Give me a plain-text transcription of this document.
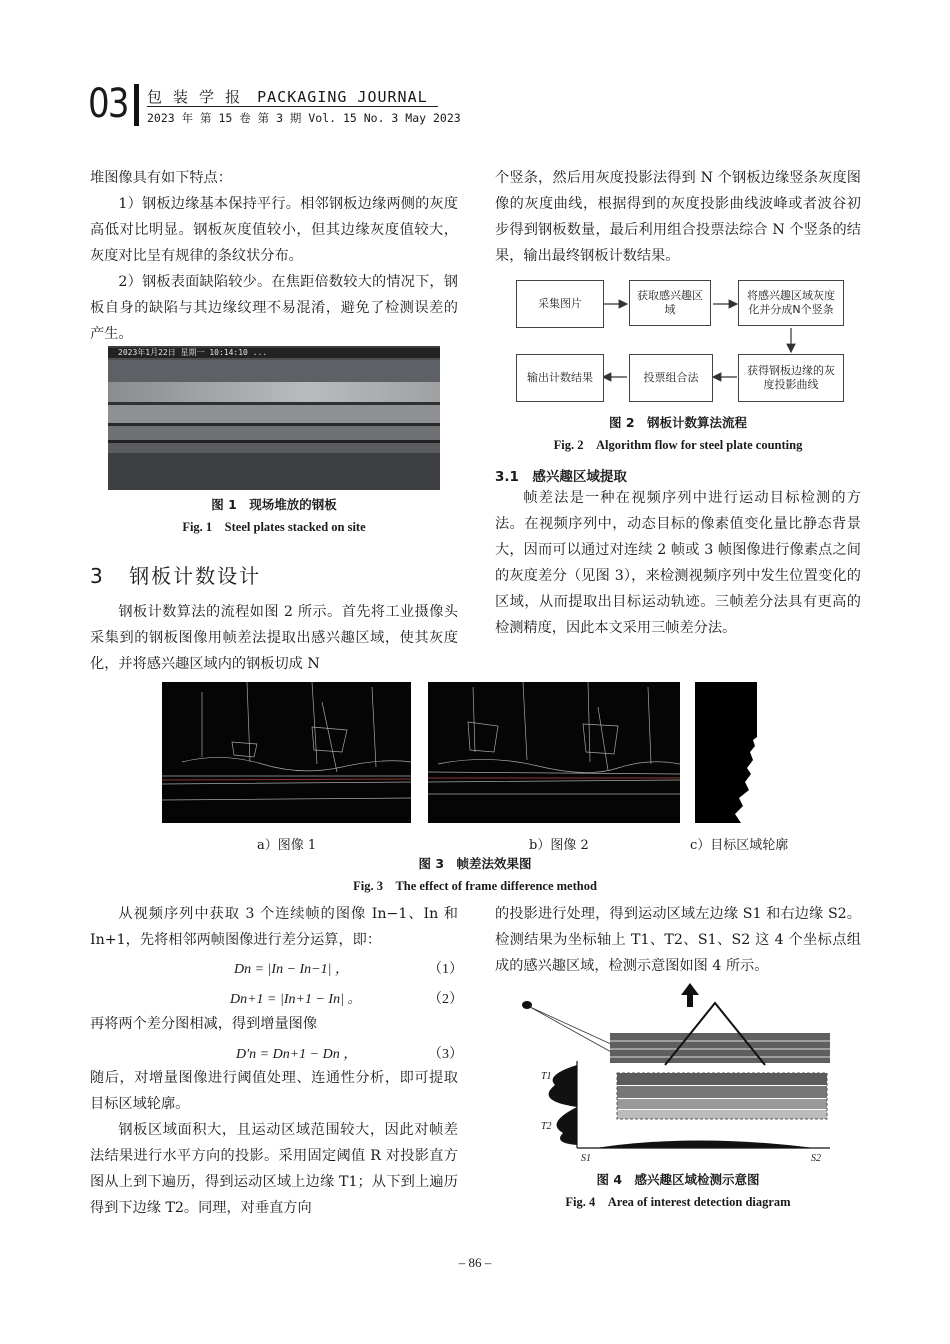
03 包 装 学 报 PACKAGING JOURNAL
2023 年 第 15 卷 第 3 期 Vol. 15 No. 3 May 2023

堆图像具有如下特点：

1）钢板边缘基本保持平行。相邻钢板边缘两侧的灰度高低对比明显。钢板灰度值较小，但其边缘灰度值较大，灰度对比呈有规律的条纹状分布。

2）钢板表面缺陷较少。在焦距倍数较大的情况下，钢板自身的缺陷与其边缘纹理不易混淆，避免了检测误差的产生。

2023年1月22日 星期一 10:14:10 ...
图 1　现场堆放的钢板
Fig. 1　Steel plates stacked on site
3 钢板计数设计

钢板计数算法的流程如图 2 所示。首先将工业摄像头采集到的钢板图像用帧差法提取出感兴趣区域，使其灰度化，并将感兴趣区域内的钢板切成 N

个竖条，然后用灰度投影法得到 N 个钢板边缘竖条灰度图像的灰度曲线，根据得到的灰度投影曲线波峰或者波谷初步得到钢板数量，最后利用组合投票法综合 N 个竖条的结果，输出最终钢板计数结果。

采集图片
获取感兴趣区域
将感兴趣区域灰度化并分成N个竖条
获得钢板边缘的灰度投影曲线
投票组合法
输出计数结果
图 2　钢板计数算法流程
Fig. 2　Algorithm flow for steel plate counting
3.1　感兴趣区域提取

帧差法是一种在视频序列中进行运动目标检测的方法。在视频序列中，动态目标的像素值变化量比静态背景大，因而可以通过对连续 2 帧或 3 帧图像进行像素点之间的灰度差分（见图 3），来检测视频序列中发生位置变化的区域，从而提取出目标运动轨迹。三帧差分法具有更高的检测精度，因此本文采用三帧差分法。

a）图像 1	b）图像 2	c）目标区域轮廓
图 3　帧差法效果图
Fig. 3　The effect of frame difference method

从视频序列中获取 3 个连续帧的图像 In−1、In 和 In+1，先将相邻两帧图像进行差分运算，即：

Dn = |In − In−1| ，	（1）
Dn+1 = |In+1 − In| 。	（2）

再将两个差分图相减，得到增量图像

D′n = Dn+1 − Dn ，	（3）

随后，对增量图像进行阈值处理、连通性分析，即可提取目标区域轮廓。

钢板区域面积大，且运动区域范围较大，因此对帧差法结果进行水平方向的投影。采用固定阈值 R 对投影直方图从上到下遍历，得到运动区域上边缘 T1；从下到上遍历得到下边缘 T2。同理，对垂直方向

的投影进行处理，得到运动区域左边缘 S1 和右边缘 S2。检测结果为坐标轴上 T1、T2、S1、S2 这 4 个坐标点组成的感兴趣区域，检测示意图如图 4 所示。

T1
T2
S1	S2
图 4　感兴趣区域检测示意图
Fig. 4　Area of interest detection diagram
– 86 –
